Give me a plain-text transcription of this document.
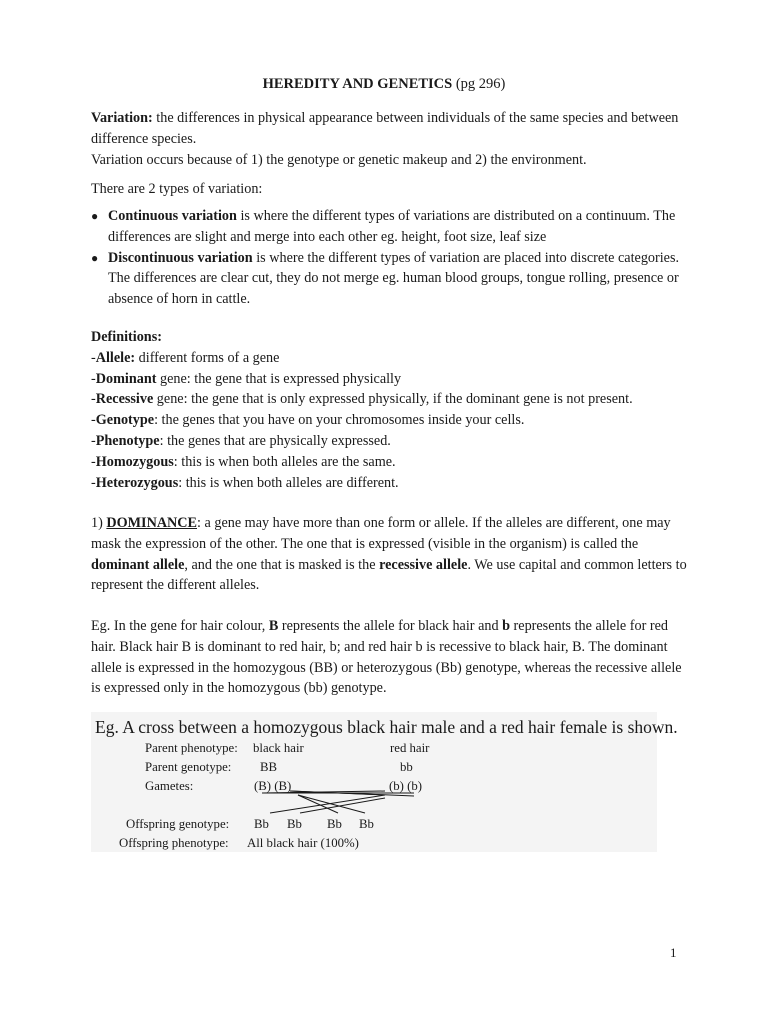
HEREDITY AND GENETICS (pg 296)

Variation: the differences in physical appearance between individuals of the same species and between difference species.

Variation occurs because of 1) the genotype or genetic makeup and 2) the environment.

There are 2 types of variation:
● Continuous variation is where the different types of variations are distributed on a continuum. The differences are slight and merge into each other eg. height, foot size, leaf size
● Discontinuous variation is where the different types of variation are placed into discrete categories. The differences are clear cut, they do not merge eg. human blood groups, tongue rolling, presence or absence of horn in cattle.

Definitions:

-Allele: different forms of a gene

-Dominant gene: the gene that is expressed physically

-Recessive gene: the gene that is only expressed physically, if the dominant gene is not present.

-Genotype: the genes that you have on your chromosomes inside your cells.

-Phenotype: the genes that are physically expressed.

-Homozygous: this is when both alleles are the same.

-Heterozygous: this is when both alleles are different.

1) DOMINANCE: a gene may have more than one form or allele. If the alleles are different, one may mask the expression of the other. The one that is expressed (visible in the organism) is called the dominant allele, and the one that is masked is the recessive allele. We use capital and common letters to represent the different alleles.
Eg. In the gene for hair colour, B represents the allele for black hair and b represents the allele for red hair. Black hair B is dominant to red hair, b; and red hair b is recessive to black hair, B. The dominant allele is expressed in the homozygous (BB) or heterozygous (Bb) genotype, whereas the recessive allele is expressed only in the homozygous (bb) genotype.
Eg. A cross between a homozygous black hair male and a red hair female is shown.
Parent phenotype: black hair	red hair
Parent genotype: BB	bb
Gametes:	(B) (B)	(b) (b)
Offspring genotype: Bb Bb Bb Bb
Offspring phenotype: All black hair (100%)
1
